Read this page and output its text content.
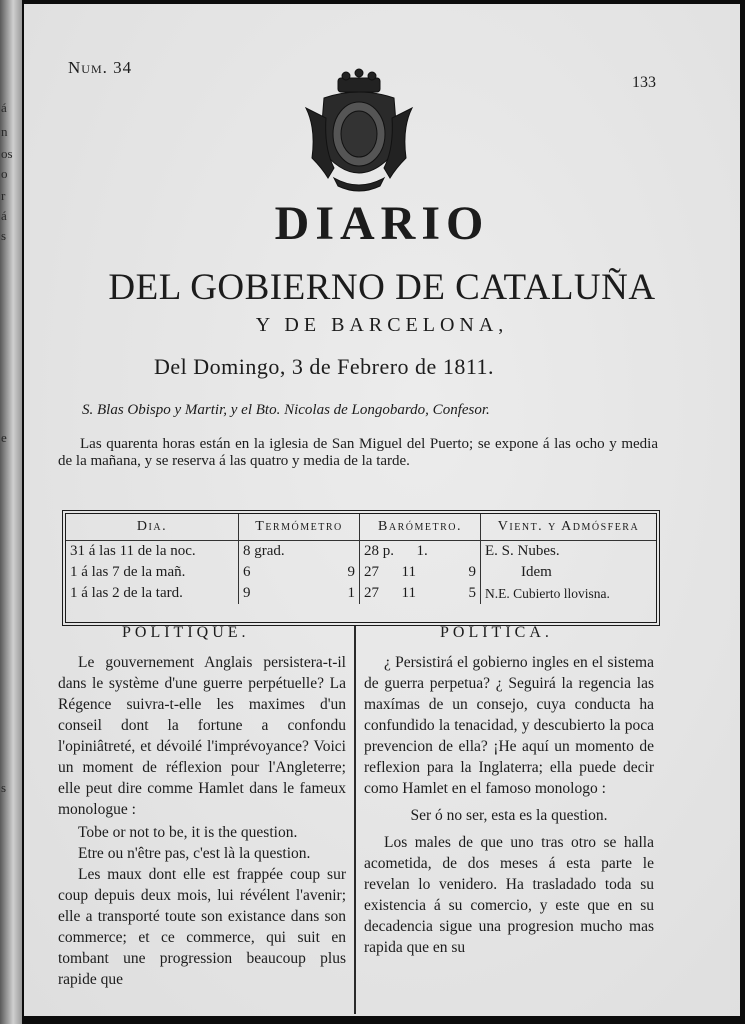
á
n
os
o
r
á
s
e
s
Num. 34
133
DIARIO
DEL GOBIERNO DE CATALUÑA
Y DE BARCELONA,
Del Domingo, 3 de Febrero de 1811.
S. Blas Obispo y Martir, y el Bto. Nicolas de Longobardo, Confesor.

Las quarenta horas están en la iglesia de San Miguel del Puerto; se expone á las ocho y media de la mañana, y se reserva á las quatro y media de la tarde.

Dia.	Termómetro	Barómetro.	Vient. y Admósfera
31 á las 11 de la noc.	8 grad.	28 p. 1.	E. S. Nubes.
1 á las 7 de la mañ.	6 9	27 11 9	Idem
1 á las 2 de la tard.	9 1	27 11 5	N.E. Cubierto llovisna.
POLITIQUE.	POLITICA.

Le gouvernement Anglais persistera-t-il dans le système d'une guerre perpétuelle? La Régence suivra-t-elle les maximes d'un conseil dont la fortune a confondu l'opiniâtreté, et dévoilé l'imprévoyance? Voici un moment de réflexion pour l'Angleterre; elle peut dire comme Hamlet dans le fameux monologue :

Tobe or not to be, it is the question.

Etre ou n'être pas, c'est là la question.

Les maux dont elle est frappée coup sur coup depuis deux mois, lui révélent l'avenir; elle a transporté toute son existance dans son commerce; et ce commerce, qui suit en tombant une progression beaucoup plus rapide que

¿ Persistirá el gobierno ingles en el sistema de guerra perpetua? ¿ Seguirá la regencia las maxímas de un consejo, cuya conducta ha confundido la tenacidad, y descubierto la poca prevencion de ella? ¡He aquí un momento de reflexion para la Inglaterra; ella puede decir como Hamlet en el famoso monologo :

Ser ó no ser, esta es la question.

Los males de que uno tras otro se halla acometida, de dos meses á esta parte le revelan lo venidero. Ha trasladado toda su existencia á su comercio, y este que en su decadencia sigue una progresion mucho mas rapida que en su
